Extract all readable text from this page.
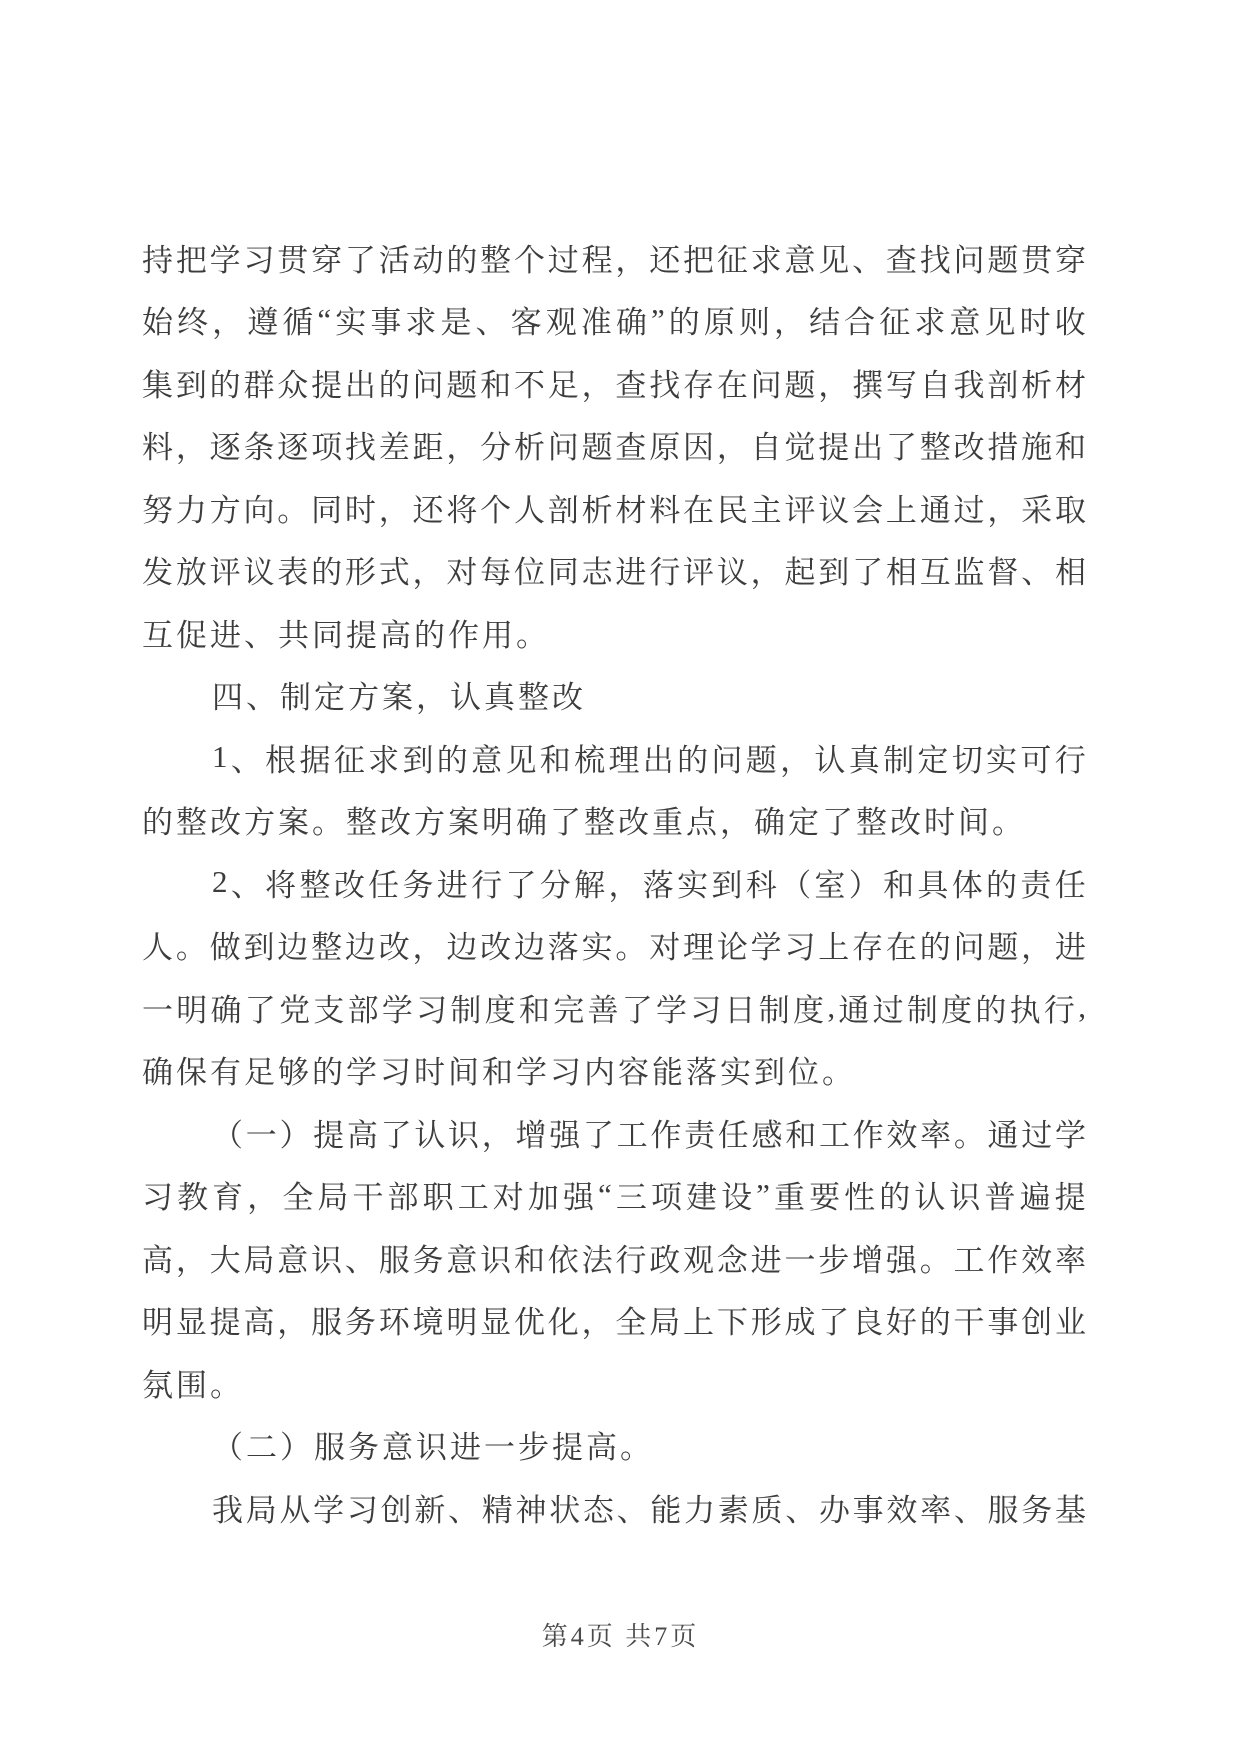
持 把 学 习 贯 穿 了 活 动 的 整 个 过 程 ， 还 把 征 求 意 见 、 查 找 问 题 贯 穿
始 终 ， 遵 循 “ 实 事 求 是 、 客 观 准 确 ” 的 原 则 ， 结 合 征 求 意 见 时 收
集 到 的 群 众 提 出 的 问 题 和 不 足 ， 查 找 存 在 问 题 ， 撰 写 自 我 剖 析 材
料 ， 逐 条 逐 项 找 差 距 ， 分 析 问 题 查 原 因 ， 自 觉 提 出 了 整 改 措 施 和
努 力 方 向 。 同 时 ， 还 将 个 人 剖 析 材 料 在 民 主 评 议 会 上 通 过 ， 采 取
发 放 评 议 表 的 形 式 ， 对 每 位 同 志 进 行 评 议 ， 起 到 了 相 互 监 督 、 相
互 促 进 、 共 同 提 高 的 作 用 。
四 、 制 定 方 案 ， 认 真 整 改
1 、 根 据 征 求 到 的 意 见 和 梳 理 出 的 问 题 ， 认 真 制 定 切 实 可 行
的 整 改 方 案 。 整 改 方 案 明 确 了 整 改 重 点 ， 确 定 了 整 改 时 间 。
2 、 将 整 改 任 务 进 行 了 分 解 ， 落 实 到 科 （ 室 ） 和 具 体 的 责 任
人 。 做 到 边 整 边 改 ， 边 改 边 落 实 。 对 理 论 学 习 上 存 在 的 问 题 ， 进
一 明 确 了 党 支 部 学 习 制 度 和 完 善 了 学 习 日 制 度 , 通 过 制 度 的 执 行 ,
确 保 有 足 够 的 学 习 时 间 和 学 习 内 容 能 落 实 到 位 。
（ 一 ） 提 高 了 认 识 ， 增 强 了 工 作 责 任 感 和 工 作 效 率 。 通 过 学
习 教 育 ， 全 局 干 部 职 工 对 加 强 “ 三 项 建 设 ” 重 要 性 的 认 识 普 遍 提
高 ， 大 局 意 识 、 服 务 意 识 和 依 法 行 政 观 念 进 一 步 增 强 。 工 作 效 率
明 显 提 高 ， 服 务 环 境 明 显 优 化 ， 全 局 上 下 形 成 了 良 好 的 干 事 创 业
氛 围 。
（ 二 ） 服 务 意 识 进 一 步 提 高 。
我 局 从 学 习 创 新 、 精 神 状 态 、 能 力 素 质 、 办 事 效 率 、 服 务 基
第4页 共7页
